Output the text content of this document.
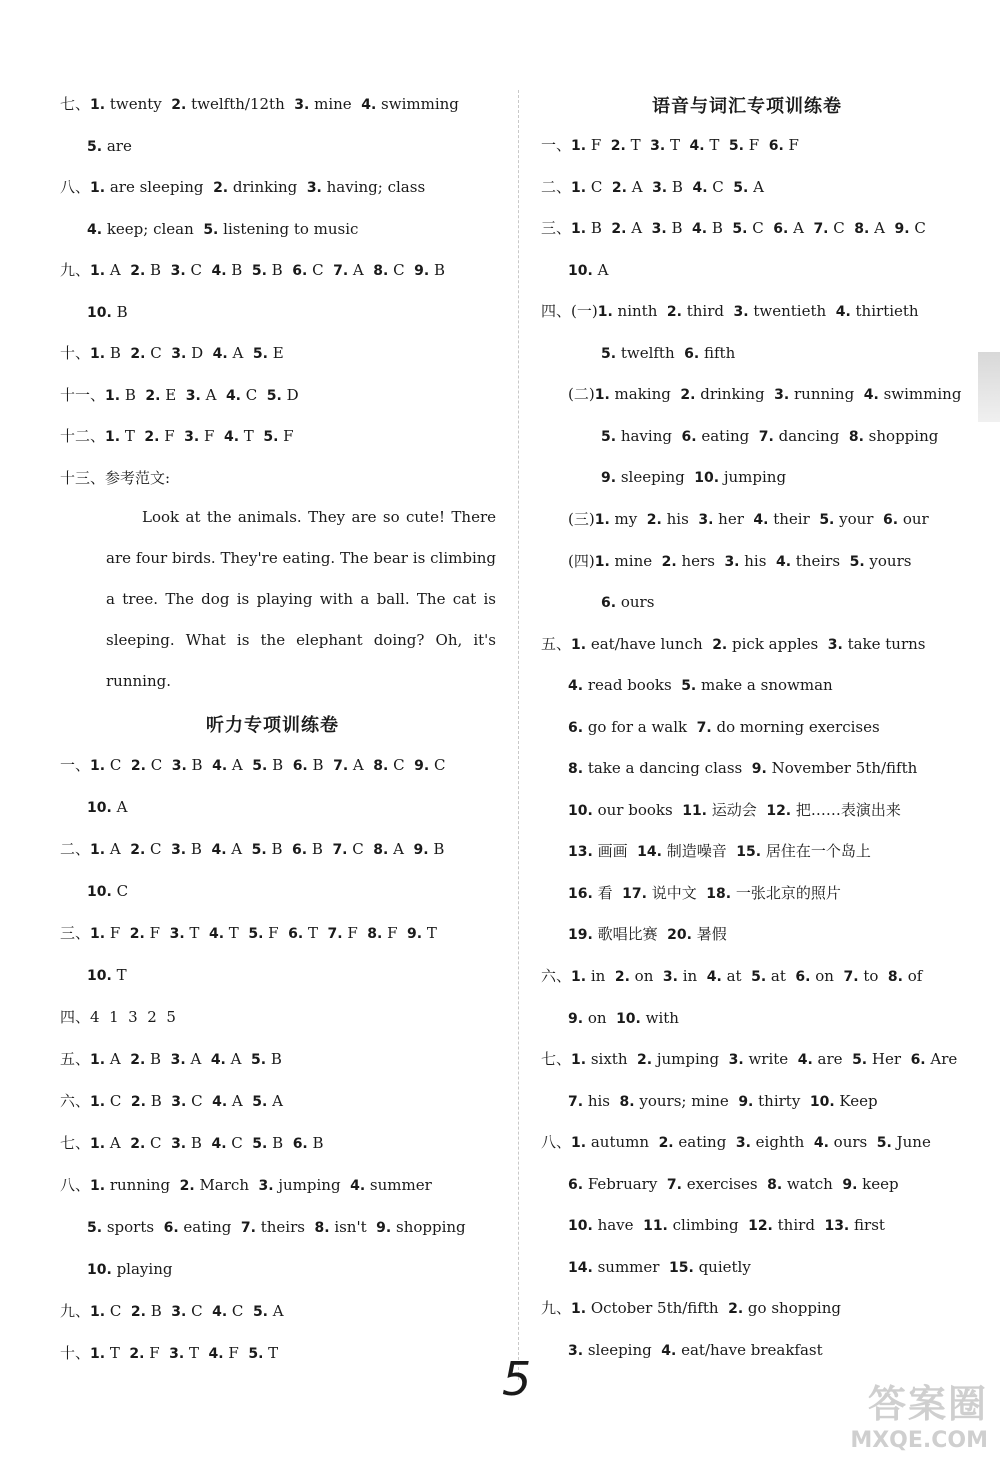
七、1. twenty  2. twelfth/12th  3. mine  4. swimming
5. are
八、1. are sleeping  2. drinking  3. having; class
4. keep; clean  5. listening to music
九、1. A  2. B  3. C  4. B  5. B  6. C  7. A  8. C  9. B
10. B
十、1. B  2. C  3. D  4. A  5. E
十一、1. B  2. E  3. A  4. C  5. D
十二、1. T  2. F  3. F  4. T  5. F
十三、参考范文:
一、1. C  2. C  3. B  4. A  5. B  6. B  7. A  8. C  9. C
10. A
二、1. A  2. C  3. B  4. A  5. B  6. B  7. C  8. A  9. B
10. C
三、1. F  2. F  3. T  4. T  5. F  6. T  7. F  8. F  9. T
10. T
四、4  1  3  2  5
五、1. A  2. B  3. A  4. A  5. B
六、1. C  2. B  3. C  4. A  5. A
七、1. A  2. C  3. B  4. C  5. B  6. B
八、1. running  2. March  3. jumping  4. summer
5. sports  6. eating  7. theirs  8. isn't  9. shopping
10. playing
九、1. C  2. B  3. C  4. C  5. A
十、1. T  2. F  3. T  4. F  5. T
Look at the animals. They are so cute! There are four birds. They're eating. The bear is climbing a tree. The dog is playing with a ball. The cat is sleeping. What is the elephant doing? Oh, it's running.
听力专项训练卷
语音与词汇专项训练卷
一、1. F  2. T  3. T  4. T  5. F  6. F
二、1. C  2. A  3. B  4. C  5. A
三、1. B  2. A  3. B  4. B  5. C  6. A  7. C  8. A  9. C
10. A
四、(一)1. ninth  2. third  3. twentieth  4. thirtieth
5. twelfth  6. fifth
(二)1. making  2. drinking  3. running  4. swimming
5. having  6. eating  7. dancing  8. shopping
9. sleeping  10. jumping
(三)1. my  2. his  3. her  4. their  5. your  6. our
(四)1. mine  2. hers  3. his  4. theirs  5. yours
6. ours
五、1. eat/have lunch  2. pick apples  3. take turns
4. read books  5. make a snowman
6. go for a walk  7. do morning exercises
8. take a dancing class  9. November 5th/fifth
10. our books  11. 运动会  12. 把……表演出来
13. 画画  14. 制造噪音  15. 居住在一个岛上
16. 看  17. 说中文  18. 一张北京的照片
19. 歌唱比赛  20. 暑假
六、1. in  2. on  3. in  4. at  5. at  6. on  7. to  8. of
9. on  10. with
七、1. sixth  2. jumping  3. write  4. are  5. Her  6. Are
7. his  8. yours; mine  9. thirty  10. Keep
八、1. autumn  2. eating  3. eighth  4. ours  5. June
6. February  7. exercises  8. watch  9. keep
10. have  11. climbing  12. third  13. first
14. summer  15. quietly
九、1. October 5th/fifth  2. go shopping
3. sleeping  4. eat/have breakfast
5	答案圈
MXQE.COM
